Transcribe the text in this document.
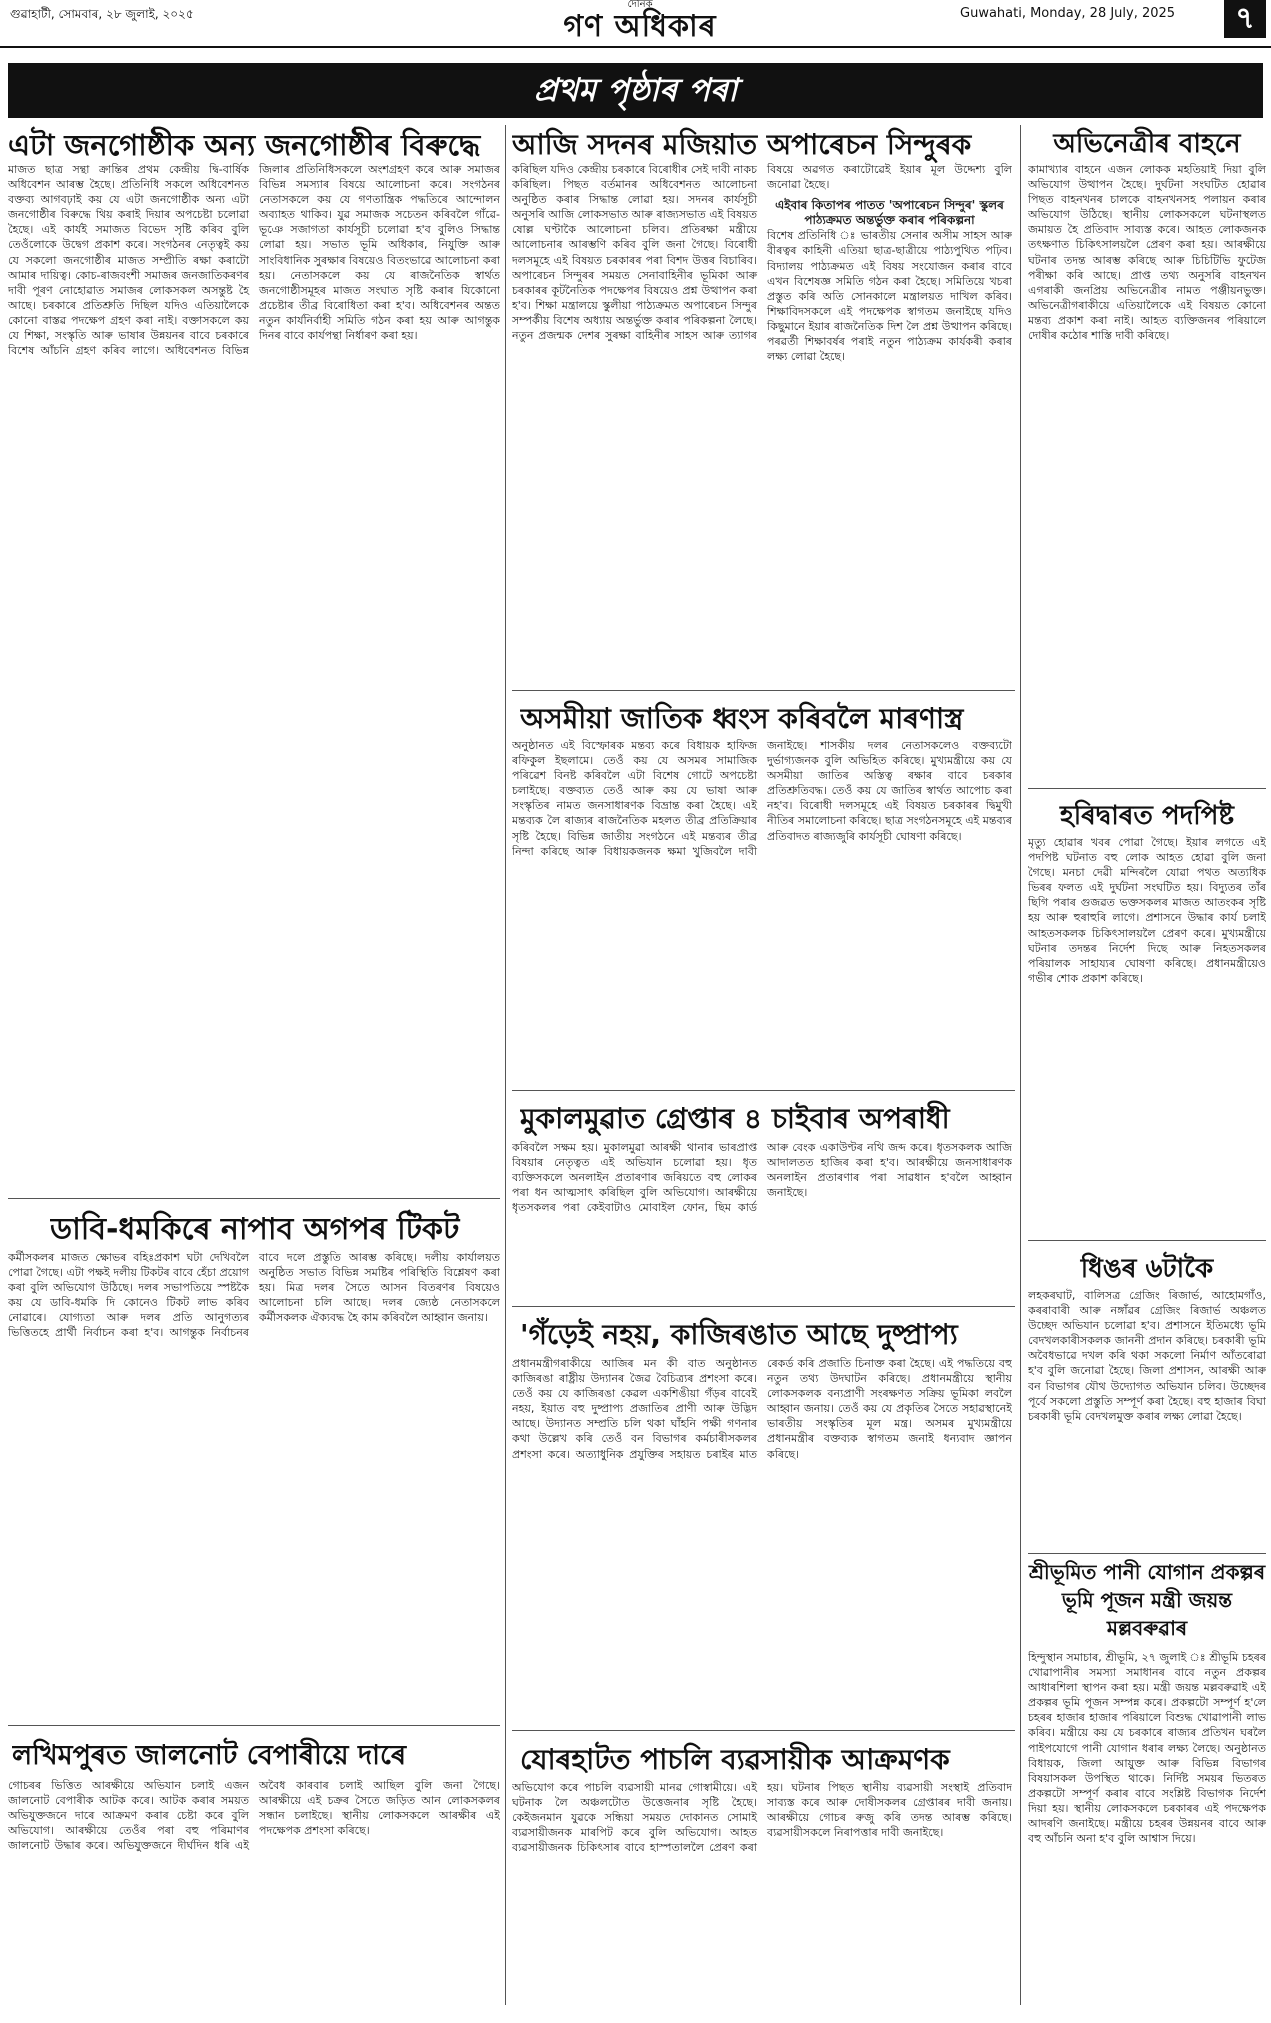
গুৱাহাটী, সোমবাৰ, ২৮ জুলাই, ২০২৫
দৈনিক
গণ অধিকাৰ	Guwahati, Monday, 28 July, 2025	৭
প্ৰথম পৃষ্ঠাৰ পৰা
এটা জনগোষ্ঠীক অন্য জনগোষ্ঠীৰ বিৰুদ্ধে

মাজত ছাত্ৰ সন্থা ক্ৰান্তিৰ প্ৰথম কেন্দ্ৰীয় দ্বি-বাৰ্ষিক অধিবেশন আৰম্ভ হৈছে। প্ৰতিনিধি সকলে অধিবেশনত বক্তব্য আগবঢ়াই কয় যে এটা জনগোষ্ঠীক অন্য এটা জনগোষ্ঠীৰ বিৰুদ্ধে থিয় কৰাই দিয়াৰ অপচেষ্টা চলোৱা হৈছে। এই কাৰ্যই সমাজত বিভেদ সৃষ্টি কৰিব বুলি তেওঁলোকে উদ্বেগ প্ৰকাশ কৰে। সংগঠনৰ নেতৃত্বই কয় যে সকলো জনগোষ্ঠীৰ মাজত সম্প্ৰীতি ৰক্ষা কৰাটো আমাৰ দায়িত্ব। কোচ-ৰাজবংশী সমাজৰ জনজাতিকৰণৰ দাবী পূৰণ নোহোৱাত সমাজৰ লোকসকল অসন্তুষ্ট হৈ আছে। চৰকাৰে প্ৰতিশ্ৰুতি দিছিল যদিও এতিয়ালৈকে কোনো বাস্তৱ পদক্ষেপ গ্ৰহণ কৰা নাই। বক্তাসকলে কয় যে শিক্ষা, সংস্কৃতি আৰু ভাষাৰ উন্নয়নৰ বাবে চৰকাৰে বিশেষ আঁচনি গ্ৰহণ কৰিব লাগে। অধিবেশনত বিভিন্ন জিলাৰ প্ৰতিনিধিসকলে অংশগ্ৰহণ কৰে আৰু সমাজৰ বিভিন্ন সমস্যাৰ বিষয়ে আলোচনা কৰে। সংগঠনৰ নেতাসকলে কয় যে গণতান্ত্ৰিক পদ্ধতিৰে আন্দোলন অব্যাহত থাকিব। যুৱ সমাজক সচেতন কৰিবলৈ গাঁৱে-ভূঞে সজাগতা কাৰ্যসূচী চলোৱা হ'ব বুলিও সিদ্ধান্ত লোৱা হয়। সভাত ভূমি অধিকাৰ, নিযুক্তি আৰু সাংবিধানিক সুৰক্ষাৰ বিষয়েও বিতংভাৱে আলোচনা কৰা হয়। নেতাসকলে কয় যে ৰাজনৈতিক স্বাৰ্থত জনগোষ্ঠীসমূহৰ মাজত সংঘাত সৃষ্টি কৰাৰ যিকোনো প্ৰচেষ্টাৰ তীব্ৰ বিৰোধিতা কৰা হ'ব। অধিবেশনৰ অন্তত নতুন কাৰ্যনিৰ্বাহী সমিতি গঠন কৰা হয় আৰু আগন্তুক দিনৰ বাবে কাৰ্যপন্থা নিৰ্ধাৰণ কৰা হয়।

ডাবি-ধমকিৰে নাপাব অগপৰ টিকট

কৰ্মীসকলৰ মাজত ক্ষোভৰ বহিঃপ্ৰকাশ ঘটা দেখিবলৈ পোৱা গৈছে। এটা পক্ষই দলীয় টিকটৰ বাবে হেঁচা প্ৰয়োগ কৰা বুলি অভিযোগ উঠিছে। দলৰ সভাপতিয়ে স্পষ্টকৈ কয় যে ডাবি-ধমকি দি কোনেও টিকট লাভ কৰিব নোৱাৰে। যোগ্যতা আৰু দলৰ প্ৰতি আনুগত্যৰ ভিত্তিতহে প্ৰাৰ্থী নিৰ্বাচন কৰা হ'ব। আগন্তুক নিৰ্বাচনৰ বাবে দলে প্ৰস্তুতি আৰম্ভ কৰিছে। দলীয় কাৰ্যালয়ত অনুষ্ঠিত সভাত বিভিন্ন সমষ্টিৰ পৰিস্থিতি বিশ্লেষণ কৰা হয়। মিত্ৰ দলৰ সৈতে আসন বিতৰণৰ বিষয়েও আলোচনা চলি আছে। দলৰ জ্যেষ্ঠ নেতাসকলে কৰ্মীসকলক ঐক্যবদ্ধ হৈ কাম কৰিবলৈ আহ্বান জনায়।

লখিমপুৰত জালনোট বেপাৰীয়ে দাৰে

গোচৰৰ ভিত্তিত আৰক্ষীয়ে অভিযান চলাই এজন জালনোট বেপাৰীক আটক কৰে। আটক কৰাৰ সময়ত অভিযুক্তজনে দাৰে আক্ৰমণ কৰাৰ চেষ্টা কৰে বুলি অভিযোগ। আৰক্ষীয়ে তেওঁৰ পৰা বহু পৰিমাণৰ জালনোট উদ্ধাৰ কৰে। অভিযুক্তজনে দীৰ্ঘদিন ধৰি এই অবৈধ কাৰবাৰ চলাই আছিল বুলি জনা গৈছে। আৰক্ষীয়ে এই চক্ৰৰ সৈতে জড়িত আন লোকসকলৰ সন্ধান চলাইছে। স্থানীয় লোকসকলে আৰক্ষীৰ এই পদক্ষেপক প্ৰশংসা কৰিছে।

আজি সদনৰ মজিয়াত অপাৰেচন সিন্দুৰক

কৰিছিল যদিও কেন্দ্ৰীয় চৰকাৰে বিৰোধীৰ সেই দাবী নাকচ কৰিছিল। পিছত বৰ্তমানৰ অধিবেশনত আলোচনা অনুষ্ঠিত কৰাৰ সিদ্ধান্ত লোৱা হয়। সদনৰ কাৰ্যসূচী অনুসৰি আজি লোকসভাত আৰু ৰাজ্যসভাত এই বিষয়ত ষোল্ল ঘণ্টাকৈ আলোচনা চলিব। প্ৰতিৰক্ষা মন্ত্ৰীয়ে আলোচনাৰ আৰম্ভণি কৰিব বুলি জনা গৈছে। বিৰোধী দলসমূহে এই বিষয়ত চৰকাৰৰ পৰা বিশদ উত্তৰ বিচাৰিব। অপাৰেচন সিন্দুৰৰ সময়ত সেনাবাহিনীৰ ভূমিকা আৰু চৰকাৰৰ কূটনৈতিক পদক্ষেপৰ বিষয়েও প্ৰশ্ন উত্থাপন কৰা হ'ব। শিক্ষা মন্ত্ৰালয়ে স্কুলীয়া পাঠ্যক্ৰমত অপাৰেচন সিন্দুৰ সম্পৰ্কীয় বিশেষ অধ্যায় অন্তৰ্ভুক্ত কৰাৰ পৰিকল্পনা লৈছে। নতুন প্ৰজন্মক দেশৰ সুৰক্ষা বাহিনীৰ সাহস আৰু ত্যাগৰ বিষয়ে অৱগত কৰাটোৱেই ইয়াৰ মূল উদ্দেশ্য বুলি জনোৱা হৈছে।

এইবাৰ কিতাপৰ পাতত 'অপাৰেচন সিন্দুৰ' স্কুলৰ পাঠ্যক্ৰমত অন্তৰ্ভুক্ত কৰাৰ পৰিকল্পনা

বিশেষ প্ৰতিনিধি ঃ ভাৰতীয় সেনাৰ অসীম সাহস আৰু বীৰত্বৰ কাহিনী এতিয়া ছাত্ৰ-ছাত্ৰীয়ে পাঠ্যপুথিত পঢ়িব। বিদ্যালয় পাঠ্যক্ৰমত এই বিষয় সংযোজন কৰাৰ বাবে এখন বিশেষজ্ঞ সমিতি গঠন কৰা হৈছে। সমিতিয়ে খচৰা প্ৰস্তুত কৰি অতি সোনকালে মন্ত্ৰালয়ত দাখিল কৰিব। শিক্ষাবিদসকলে এই পদক্ষেপক স্বাগতম জনাইছে যদিও কিছুমানে ইয়াৰ ৰাজনৈতিক দিশ লৈ প্ৰশ্ন উত্থাপন কৰিছে। পৰৱৰ্তী শিক্ষাবৰ্ষৰ পৰাই নতুন পাঠ্যক্ৰম কাৰ্যকৰী কৰাৰ লক্ষ্য লোৱা হৈছে।

অসমীয়া জাতিক ধ্বংস কৰিবলৈ মাৰণাস্ত্ৰ

অনুষ্ঠানত এই বিস্ফোৰক মন্তব্য কৰে বিধায়ক হাফিজ ৰফিকুল ইছলামে। তেওঁ কয় যে অসমৰ সামাজিক পৰিৱেশ বিনষ্ট কৰিবলৈ এটা বিশেষ গোটে অপচেষ্টা চলাইছে। বক্তব্যত তেওঁ আৰু কয় যে ভাষা আৰু সংস্কৃতিৰ নামত জনসাধাৰণক বিভ্ৰান্ত কৰা হৈছে। এই মন্তব্যক লৈ ৰাজ্যৰ ৰাজনৈতিক মহলত তীব্ৰ প্ৰতিক্ৰিয়াৰ সৃষ্টি হৈছে। বিভিন্ন জাতীয় সংগঠনে এই মন্তব্যৰ তীব্ৰ নিন্দা কৰিছে আৰু বিধায়কজনক ক্ষমা খুজিবলৈ দাবী জনাইছে। শাসকীয় দলৰ নেতাসকলেও বক্তব্যটো দুৰ্ভাগ্যজনক বুলি অভিহিত কৰিছে। মুখ্যমন্ত্ৰীয়ে কয় যে অসমীয়া জাতিৰ অস্তিত্ব ৰক্ষাৰ বাবে চৰকাৰ প্ৰতিশ্ৰুতিবদ্ধ। তেওঁ কয় যে জাতিৰ স্বাৰ্থত আপোচ কৰা নহ'ব। বিৰোধী দলসমূহে এই বিষয়ত চৰকাৰৰ দ্বিমুখী নীতিৰ সমালোচনা কৰিছে। ছাত্ৰ সংগঠনসমূহে এই মন্তব্যৰ প্ৰতিবাদত ৰাজ্যজুৰি কাৰ্যসূচী ঘোষণা কৰিছে।

মুকালমুৱাত গ্ৰেপ্তাৰ ৪ চাইবাৰ অপৰাধী

কৰিবলৈ সক্ষম হয়। মুকালমুৱা আৰক্ষী থানাৰ ভাৰপ্ৰাপ্ত বিষয়াৰ নেতৃত্বত এই অভিযান চলোৱা হয়। ধৃত ব্যক্তিসকলে অনলাইন প্ৰতাৰণাৰ জৰিয়তে বহু লোকৰ পৰা ধন আত্মসাৎ কৰিছিল বুলি অভিযোগ। আৰক্ষীয়ে ধৃতসকলৰ পৰা কেইবাটাও মোবাইল ফোন, ছিম কাৰ্ড আৰু বেংক একাউণ্টৰ নথি জব্দ কৰে। ধৃতসকলক আজি আদালতত হাজিৰ কৰা হ'ব। আৰক্ষীয়ে জনসাধাৰণক অনলাইন প্ৰতাৰণাৰ পৰা সাৱধান হ'বলৈ আহ্বান জনাইছে।

'গঁড়েই নহয়, কাজিৰঙাত আছে দুষ্প্ৰাপ্য

প্ৰধানমন্ত্ৰীগৰাকীয়ে আজিৰ মন কী বাত অনুষ্ঠানত কাজিৰঙা ৰাষ্ট্ৰীয় উদ্যানৰ জৈৱ বৈচিত্ৰ্যৰ প্ৰশংসা কৰে। তেওঁ কয় যে কাজিৰঙা কেৱল একশিঙীয়া গঁড়ৰ বাবেই নহয়, ইয়াত বহু দুষ্প্ৰাপ্য প্ৰজাতিৰ প্ৰাণী আৰু উদ্ভিদ আছে। উদ্যানত সম্প্ৰতি চলি থকা ঘাঁহনি পক্ষী গণনাৰ কথা উল্লেখ কৰি তেওঁ বন বিভাগৰ কৰ্মচাৰীসকলৰ প্ৰশংসা কৰে। অত্যাধুনিক প্ৰযুক্তিৰ সহায়ত চৰাইৰ মাত ৰেকৰ্ড কৰি প্ৰজাতি চিনাক্ত কৰা হৈছে। এই পদ্ধতিয়ে বহু নতুন তথ্য উদঘাটন কৰিছে। প্ৰধানমন্ত্ৰীয়ে স্থানীয় লোকসকলক বন্যপ্ৰাণী সংৰক্ষণত সক্ৰিয় ভূমিকা লবলৈ আহ্বান জনায়। তেওঁ কয় যে প্ৰকৃতিৰ সৈতে সহাৱস্থানেই ভাৰতীয় সংস্কৃতিৰ মূল মন্ত্ৰ। অসমৰ মুখ্যমন্ত্ৰীয়ে প্ৰধানমন্ত্ৰীৰ বক্তব্যক স্বাগতম জনাই ধন্যবাদ জ্ঞাপন কৰিছে।

যোৰহাটত পাচলি ব্যৱসায়ীক আক্ৰমণক

অভিযোগ কৰে পাচলি ব্যৱসায়ী মানৱ গোস্বামীয়ে। এই ঘটনাক লৈ অঞ্চলটোত উত্তেজনাৰ সৃষ্টি হৈছে। কেইজনমান যুৱকে সন্ধিয়া সময়ত দোকানত সোমাই ব্যৱসায়ীজনক মাৰপিট কৰে বুলি অভিযোগ। আহত ব্যৱসায়ীজনক চিকিৎসাৰ বাবে হাস্পতাললৈ প্ৰেৰণ কৰা হয়। ঘটনাৰ পিছত স্থানীয় ব্যৱসায়ী সংস্থাই প্ৰতিবাদ সাব্যস্ত কৰে আৰু দোষীসকলৰ গ্ৰেপ্তাৰৰ দাবী জনায়। আৰক্ষীয়ে গোচৰ ৰুজু কৰি তদন্ত আৰম্ভ কৰিছে। ব্যৱসায়ীসকলে নিৰাপত্তাৰ দাবী জনাইছে।

অভিনেত্ৰীৰ বাহনে

কামাখ্যাৰ বাহনে এজন লোকক মহতিয়াই দিয়া বুলি অভিযোগ উত্থাপন হৈছে। দুৰ্ঘটনা সংঘটিত হোৱাৰ পিছত বাহনখনৰ চালকে বাহনখনসহ পলায়ন কৰাৰ অভিযোগ উঠিছে। স্থানীয় লোকসকলে ঘটনাস্থলত জমায়ত হৈ প্ৰতিবাদ সাব্যস্ত কৰে। আহত লোকজনক তৎক্ষণাত চিকিৎসালয়লৈ প্ৰেৰণ কৰা হয়। আৰক্ষীয়ে ঘটনাৰ তদন্ত আৰম্ভ কৰিছে আৰু চিচিটিভি ফুটেজ পৰীক্ষা কৰি আছে। প্ৰাপ্ত তথ্য অনুসৰি বাহনখন এগৰাকী জনপ্ৰিয় অভিনেত্ৰীৰ নামত পঞ্জীয়নভুক্ত। অভিনেত্ৰীগৰাকীয়ে এতিয়ালৈকে এই বিষয়ত কোনো মন্তব্য প্ৰকাশ কৰা নাই। আহত ব্যক্তিজনৰ পৰিয়ালে দোষীৰ কঠোৰ শাস্তি দাবী কৰিছে।

হৰিদ্বাৰত পদপিষ্ট

মৃত্যু হোৱাৰ খবৰ পোৱা গৈছে। ইয়াৰ লগতে এই পদপিষ্ট ঘটনাত বহু লোক আহত হোৱা বুলি জনা গৈছে। মনচা দেৱী মন্দিৰলৈ যোৱা পথত অত্যধিক ভিৰৰ ফলত এই দুৰ্ঘটনা সংঘটিত হয়। বিদ্যুতৰ তাঁৰ ছিগি পৰাৰ গুজৱত ভক্তসকলৰ মাজত আতংকৰ সৃষ্টি হয় আৰু হুৰাহুৰি লাগে। প্ৰশাসনে উদ্ধাৰ কাৰ্য চলাই আহতসকলক চিকিৎসালয়লৈ প্ৰেৰণ কৰে। মুখ্যমন্ত্ৰীয়ে ঘটনাৰ তদন্তৰ নিৰ্দেশ দিছে আৰু নিহতসকলৰ পৰিয়ালক সাহায্যৰ ঘোষণা কৰিছে। প্ৰধানমন্ত্ৰীয়েও গভীৰ শোক প্ৰকাশ কৰিছে।

ধিঙৰ ৬টাকৈ

লহকৰঘাট, বালিসত্ৰ গ্ৰেজিং ৰিজাৰ্ভ, আহোমগাঁও, কৰৰাবাৰী আৰু নঙ্গাঁৱৰ গ্ৰেজিং ৰিজাৰ্ভ অঞ্চলত উচ্ছেদ অভিযান চলোৱা হ'ব। প্ৰশাসনে ইতিমধ্যে ভূমি বেদখলকাৰীসকলক জাননী প্ৰদান কৰিছে। চৰকাৰী ভূমি অবৈধভাৱে দখল কৰি থকা সকলো নিৰ্মাণ আঁতৰোৱা হ'ব বুলি জনোৱা হৈছে। জিলা প্ৰশাসন, আৰক্ষী আৰু বন বিভাগৰ যৌথ উদ্যোগত অভিযান চলিব। উচ্ছেদৰ পূৰ্বে সকলো প্ৰস্তুতি সম্পূৰ্ণ কৰা হৈছে। বহু হাজাৰ বিঘা চৰকাৰী ভূমি বেদখলমুক্ত কৰাৰ লক্ষ্য লোৱা হৈছে।

শ্ৰীভূমিত পানী যোগান প্ৰকল্পৰ ভূমি পূজন মন্ত্ৰী জয়ন্ত মল্লবৰুৱাৰ

হিন্দুস্থান সমাচাৰ, শ্ৰীভূমি, ২৭ জুলাই ঃ শ্ৰীভূমি চহৰৰ খোৱাপানীৰ সমস্যা সমাধানৰ বাবে নতুন প্ৰকল্পৰ আধাৰশিলা স্থাপন কৰা হয়। মন্ত্ৰী জয়ন্ত মল্লবৰুৱাই এই প্ৰকল্পৰ ভূমি পূজন সম্পন্ন কৰে। প্ৰকল্পটো সম্পূৰ্ণ হ'লে চহৰৰ হাজাৰ হাজাৰ পৰিয়ালে বিশুদ্ধ খোৱাপানী লাভ কৰিব। মন্ত্ৰীয়ে কয় যে চৰকাৰে ৰাজ্যৰ প্ৰতিখন ঘৰলৈ পাইপযোগে পানী যোগান ধৰাৰ লক্ষ্য লৈছে। অনুষ্ঠানত বিধায়ক, জিলা আয়ুক্ত আৰু বিভিন্ন বিভাগৰ বিষয়াসকল উপস্থিত থাকে। নিৰ্দিষ্ট সময়ৰ ভিতৰত প্ৰকল্পটো সম্পূৰ্ণ কৰাৰ বাবে সংশ্লিষ্ট বিভাগক নিৰ্দেশ দিয়া হয়। স্থানীয় লোকসকলে চৰকাৰৰ এই পদক্ষেপক আদৰণি জনাইছে। মন্ত্ৰীয়ে চহৰৰ উন্নয়নৰ বাবে আৰু বহু আঁচনি অনা হ'ব বুলি আশ্বাস দিয়ে।
